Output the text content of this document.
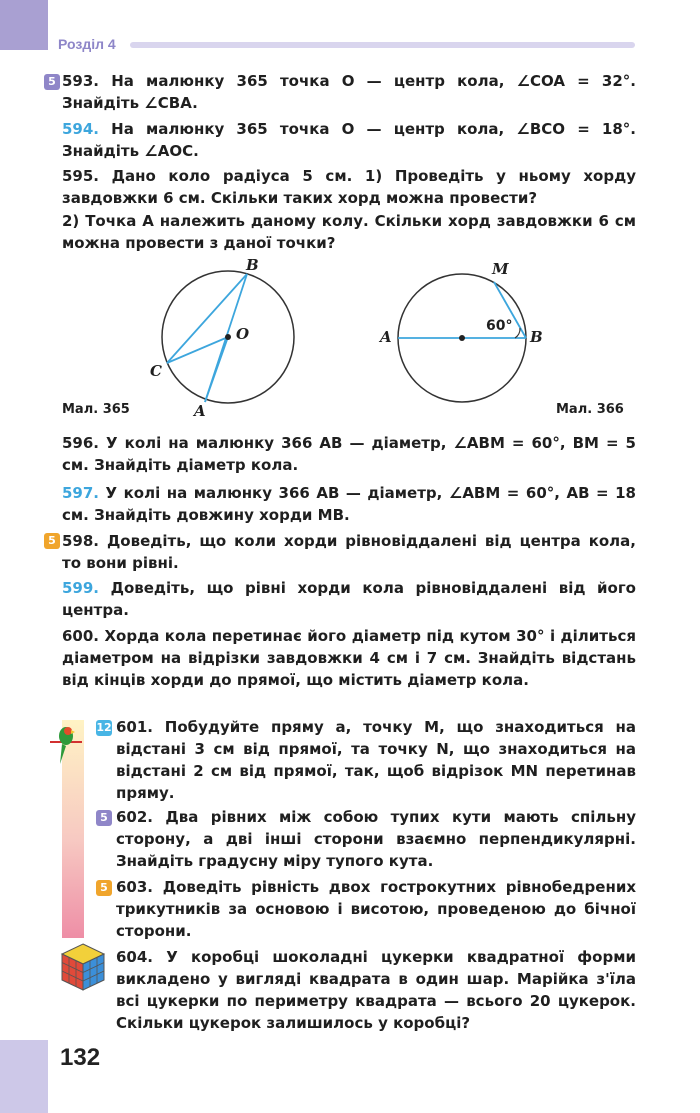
Розділ 4
5 593. На малюнку 365 точка O — центр кола, ∠COA = 32°. Знайдіть ∠CBA.

594. На малюнку 365 точка O — центр кола, ∠BCO = 18°. Знайдіть ∠AOC.

595. Дано коло радіуса 5 см. 1) Проведіть у ньому хорду завдовжки 6 см. Скільки таких хорд можна провести?

2) Точка A належить даному колу. Скільки хорд завдовжки 6 см можна провести з даної точки?

B
O
C
A
Мал. 365
M
A	B
60°
Мал. 366

596. У колі на малюнку 366 AB — діаметр, ∠ABM = 60°, BM = 5 см. Знайдіть діаметр кола.

597. У колі на малюнку 366 AB — діаметр, ∠ABM = 60°, AB = 18 см. Знайдіть довжину хорди MB.

5 598. Доведіть, що коли хорди рівновіддалені від центра кола, то вони рівні.

599. Доведіть, що рівні хорди кола рівновіддалені від його центра.

600. Хорда кола перетинає його діаметр під кутом 30° і ділиться діаметром на відрізки завдовжки 4 см і 7 см. Знайдіть відстань від кінців хорди до прямої, що містить діаметр кола.

12 601. Побудуйте пряму a, точку M, що знаходиться на відстані 3 см від прямої, та точку N, що знаходиться на відстані 2 см від прямої, так, щоб відрізок MN перетинав пряму.

5 602. Два рівних між собою тупих кути мають спільну сторону, а дві інші сторони взаємно перпендикулярні. Знайдіть градусну міру тупого кута.

5 603. Доведіть рівність двох гострокутних рівнобедрених трикутників за основою і висотою, проведеною до бічної сторони.

604. У коробці шоколадні цукерки квадратної форми викладено у вигляді квадрата в один шар. Марійка з'їла всі цукерки по периметру квадрата — всього 20 цукерок. Скільки цукерок залишилось у коробці?

132
